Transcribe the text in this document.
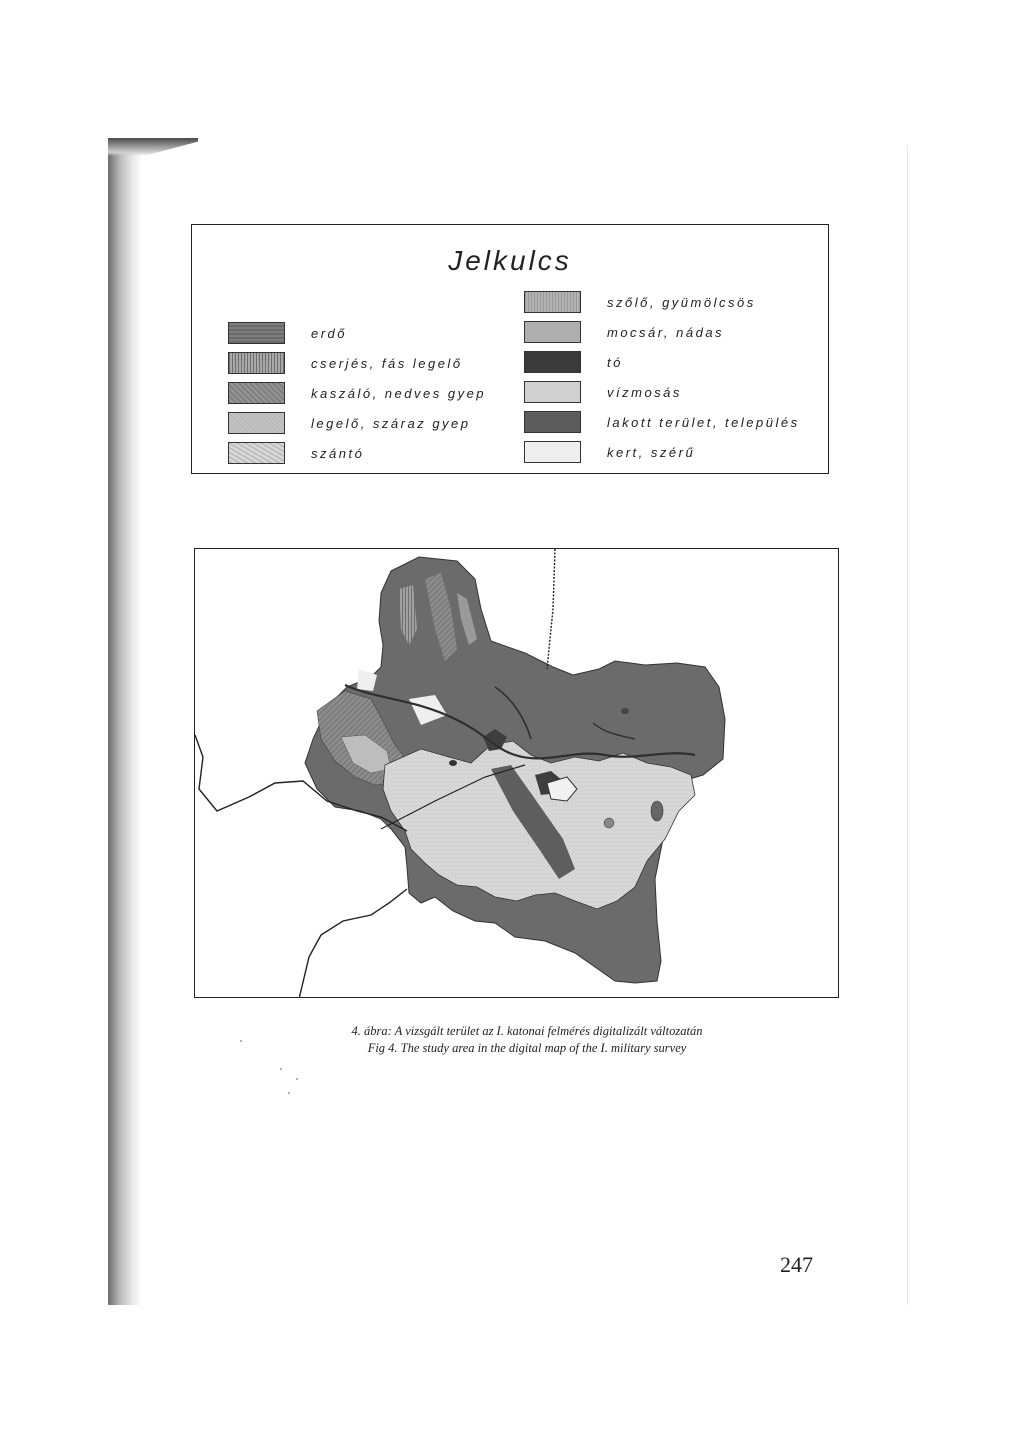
Jelkulcs
erdő
cserjés, fás legelő
kaszáló, nedves gyep
legelő, száraz gyep
szántó
szőlő, gyümölcsös
mocsár, nádas
tó
vízmosás
lakott terület, település
kert, szérű
4. ábra: A vizsgált terület az I. katonai felmérés digitalizált változatán
Fig 4. The study area in the digital map of the I. military survey
247
